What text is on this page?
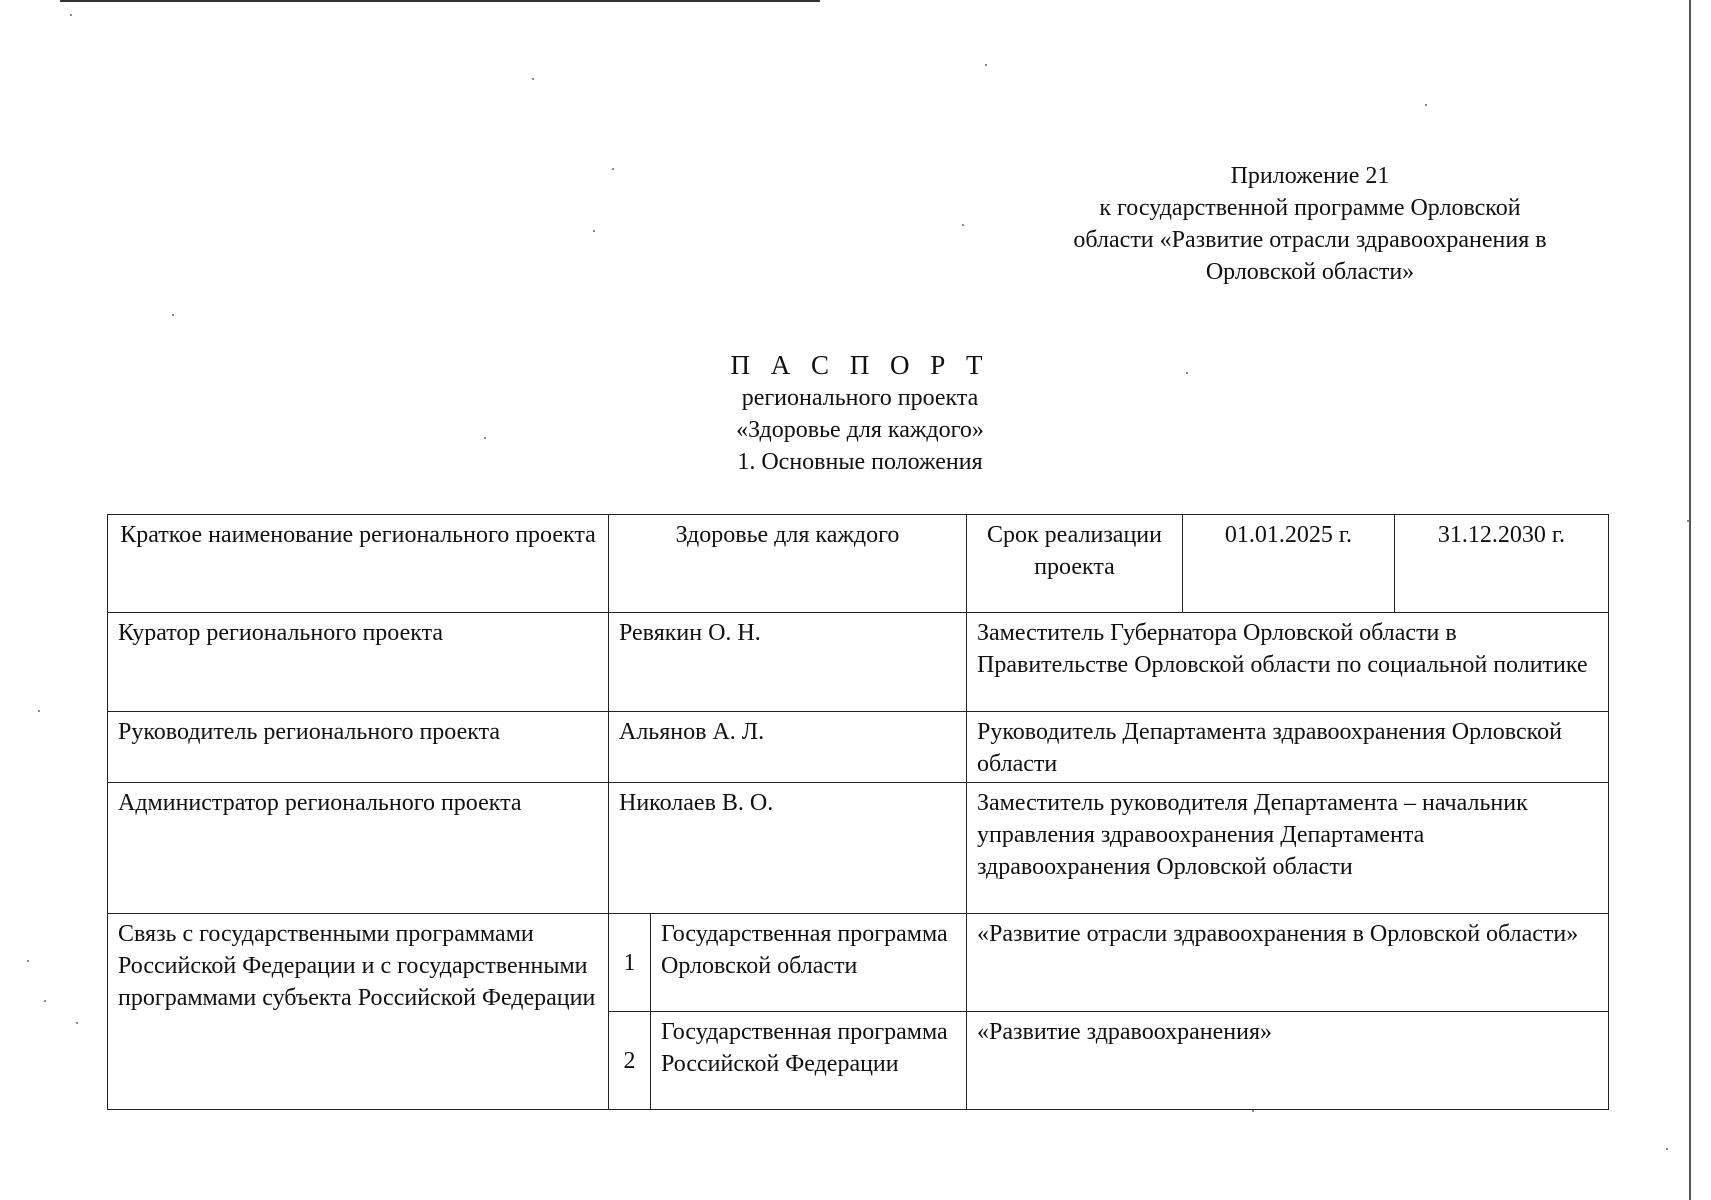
Приложение 21
к государственной программе Орловской
области «Развитие отрасли здравоохранения в
Орловской области»
П А С П О Р Т
регионального проекта
«Здоровье для каждого»
1. Основные положения
Краткое наименование регионального проекта	Здоровье для каждого		Срок реализации проекта	01.01.2025 г.	31.12.2030 г.
Куратор регионального проекта	Ревякин О. Н.		Заместитель Губернатора Орловской области в Правительстве Орловской области по социальной политике		
Руководитель регионального проекта	Альянов А. Л.		Руководитель Департамента здравоохранения Орловской области		
Администратор регионального проекта	Николаев В. О.		Заместитель руководителя Департамента – начальник управления здравоохранения Департамента здравоохранения Орловской области		
Связь с государственными программами Российской Федерации и с государственными программами субъекта Российской Федерации	1	Государственная программа Орловской области	«Развитие отрасли здравоохранения в Орловской области»		
	2	Государственная программа Российской Федерации	«Развитие здравоохранения»		
